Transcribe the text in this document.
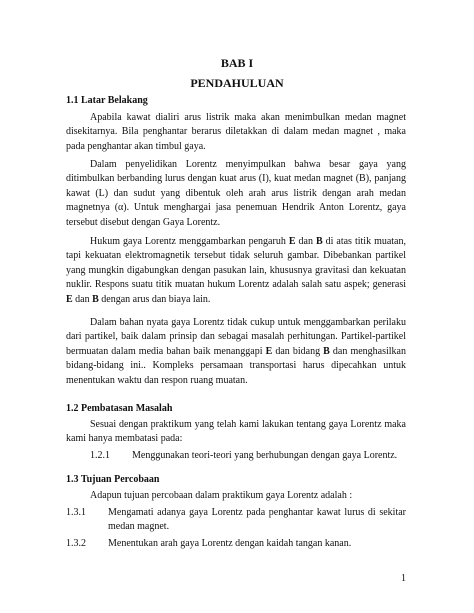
BAB I
PENDAHULUAN
1.1 Latar Belakang

Apabila kawat dialiri arus listrik maka akan menimbulkan medan magnet disekitarnya. Bila penghantar berarus diletakkan di dalam medan magnet , maka pada penghantar akan timbul gaya.

Dalam penyelidikan Lorentz menyimpulkan bahwa besar gaya yang ditimbulkan berbanding lurus dengan kuat arus (I), kuat medan magnet (B), panjang kawat (L) dan sudut yang dibentuk oleh arah arus listrik dengan arah medan magnetnya (α). Untuk menghargai jasa penemuan Hendrik Anton Lorentz, gaya tersebut disebut dengan Gaya Lorentz.

Hukum gaya Lorentz menggambarkan pengaruh E dan B di atas titik muatan, tapi kekuatan elektromagnetik tersebut tidak seluruh gambar. Dibebankan partikel yang mungkin digabungkan dengan pasukan lain, khususnya gravitasi dan kekuatan nuklir. Respons suatu titik muatan hukum Lorentz adalah salah satu aspek; generasi E dan B dengan arus dan biaya lain.

Dalam bahan nyata gaya Lorentz tidak cukup untuk menggambarkan perilaku dari partikel, baik dalam prinsip dan sebagai masalah perhitungan. Partikel-partikel bermuatan dalam media bahan baik menanggapi E dan bidang B dan menghasilkan bidang-bidang ini.. Kompleks persamaan transportasi harus dipecahkan untuk menentukan waktu dan respon ruang muatan.

1.2 Pembatasan Masalah

Sesuai dengan praktikum yang telah kami lakukan tentang gaya Lorentz maka kami hanya membatasi pada:

1.2.1	Menggunakan teori-teori yang berhubungan dengan gaya Lorentz.
1.3 Tujuan Percobaan

Adapun tujuan percobaan dalam praktikum gaya Lorentz adalah :

1.3.1	Mengamati adanya gaya Lorentz pada penghantar kawat lurus di sekitar medan magnet.
1.3.2	Menentukan arah gaya Lorentz dengan kaidah tangan kanan.
1
